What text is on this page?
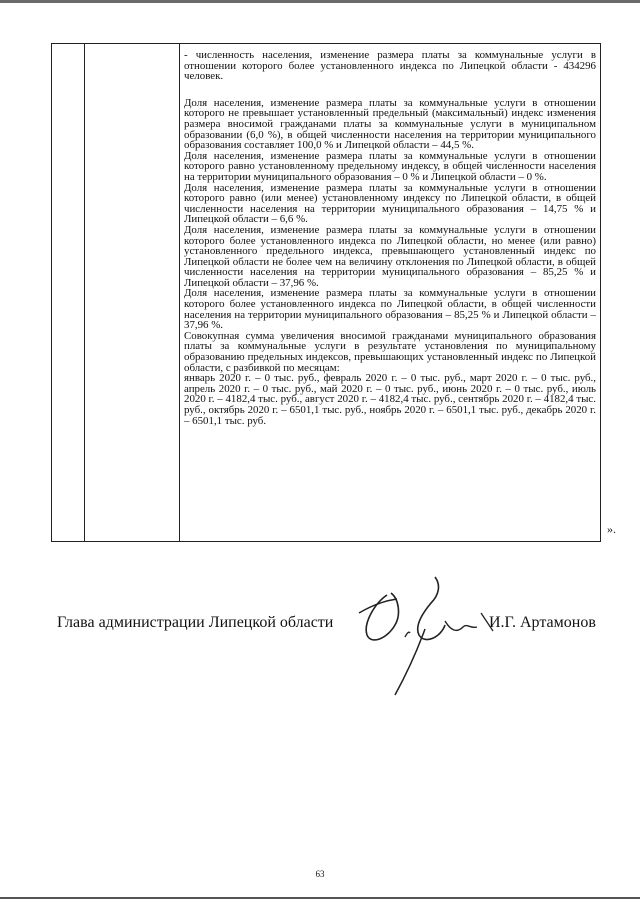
- численность населения, изменение размера платы за коммунальные услуги в отношении которого более установленного индекса по Липецкой области - 434296 человек.

Доля населения, изменение размера платы за коммунальные услуги в отношении которого не превышает установленный предельный (максимальный) индекс изменения размера вносимой гражданами платы за коммунальные услуги в муниципальном образовании (6,0 %), в общей численности населения на территории муниципального образования составляет 100,0 % и Липецкой области – 44,5 %.

Доля населения, изменение размера платы за коммунальные услуги в отношении которого равно установленному предельному индексу, в общей численности населения на территории муниципального образования – 0 % и Липецкой области – 0 %.

Доля населения, изменение размера платы за коммунальные услуги в отношении которого равно (или менее) установленному индексу по Липецкой области, в общей численности населения на территории муниципального образования – 14,75 % и Липецкой области – 6,6 %.

Доля населения, изменение размера платы за коммунальные услуги в отношении которого более установленного индекса по Липецкой области, но менее (или равно) установленного предельного индекса, превышающего установленный индекс по Липецкой области не более чем на величину отклонения по Липецкой области, в общей численности населения на территории муниципального образования – 85,25 % и Липецкой области – 37,96 %.

Доля населения, изменение размера платы за коммунальные услуги в отношении которого более установленного индекса по Липецкой области, в общей численности населения на территории муниципального образования – 85,25 % и Липецкой области – 37,96 %.

Совокупная сумма увеличения вносимой гражданами муниципального образования платы за коммунальные услуги в результате установления по муниципальному образованию предельных индексов, превышающих установленный индекс по Липецкой области, с разбивкой по месяцам:

январь 2020 г. – 0 тыс. руб., февраль 2020 г. – 0 тыс. руб., март 2020 г. – 0 тыс. руб., апрель 2020 г. – 0 тыс. руб., май 2020 г. – 0 тыс. руб., июнь 2020 г. – 0 тыс. руб., июль 2020 г. – 4182,4 тыс. руб., август 2020 г. – 4182,4 тыс. руб., сентябрь 2020 г. – 4182,4 тыс. руб., октябрь 2020 г. – 6501,1 тыс. руб., ноябрь 2020 г. – 6501,1 тыс. руб., декабрь 2020 г. – 6501,1 тыс. руб.

».
Глава администрации Липецкой области	И.Г. Артамонов
63
